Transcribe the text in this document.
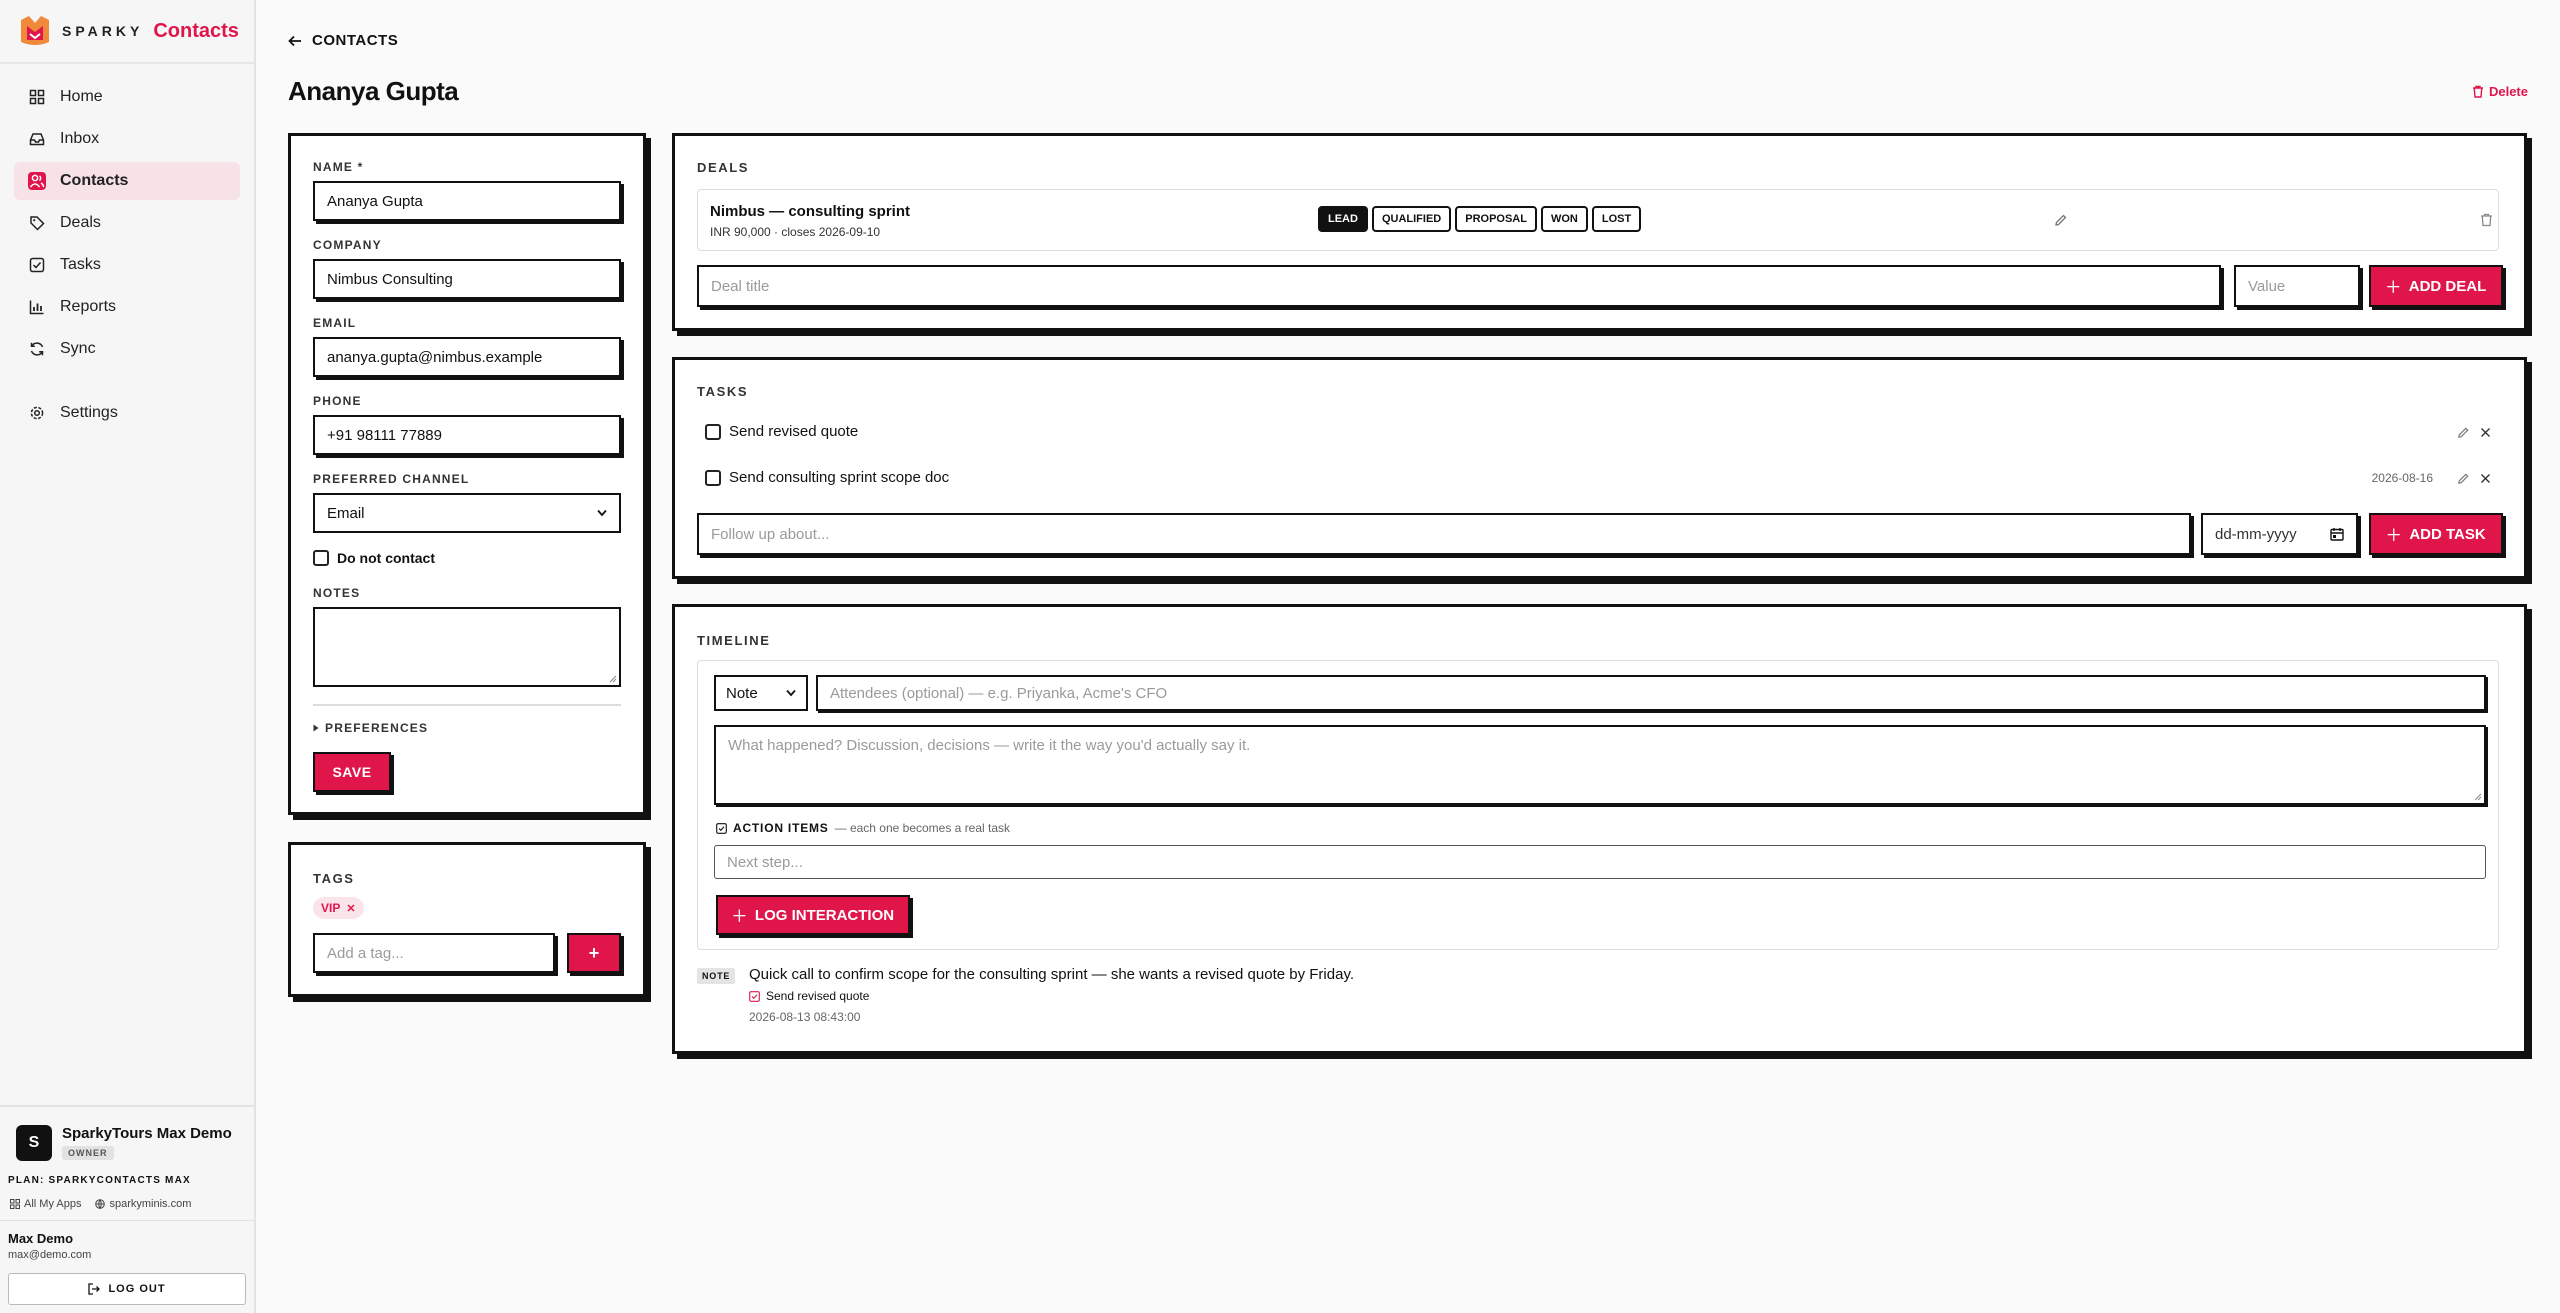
SPARKY Contacts
Home
Inbox
Contacts
Deals
Tasks
Reports
Sync
Settings
S
SparkyTours Max Demo
OWNER
PLAN: SPARKYCONTACTS MAX
All My Apps	sparkyminis.com
Max Demo
max@demo.com
LOG OUT
CONTACTS
Ananya Gupta	Delete
NAME *
Ananya Gupta
COMPANY
Nimbus Consulting
EMAIL
ananya.gupta@nimbus.example
PHONE
+91 98111 77889
PREFERRED CHANNEL
Email
Do not contact
NOTES
PREFERENCES
SAVE
TAGS
VIP ✕
Add a tag...	+
DEALS
Nimbus — consulting sprint
INR 90,000 · closes 2026-09-10
LEAD	QUALIFIED	PROPOSAL	WON	LOST
Deal title	Value	＋ ADD DEAL
TASKS
Send revised quote
Send consulting sprint scope doc	2026-08-16
Follow up about...	dd-mm-yyyy	＋ ADD TASK
TIMELINE
Note	Attendees (optional) — e.g. Priyanka, Acme's CFO
What happened? Discussion, decisions — write it the way you'd actually say it.
ACTION ITEMS — each one becomes a real task
Next step...
＋ LOG INTERACTION
NOTE	Quick call to confirm scope for the consulting sprint — she wants a revised quote by Friday.
Send revised quote
2026-08-13 08:43:00
